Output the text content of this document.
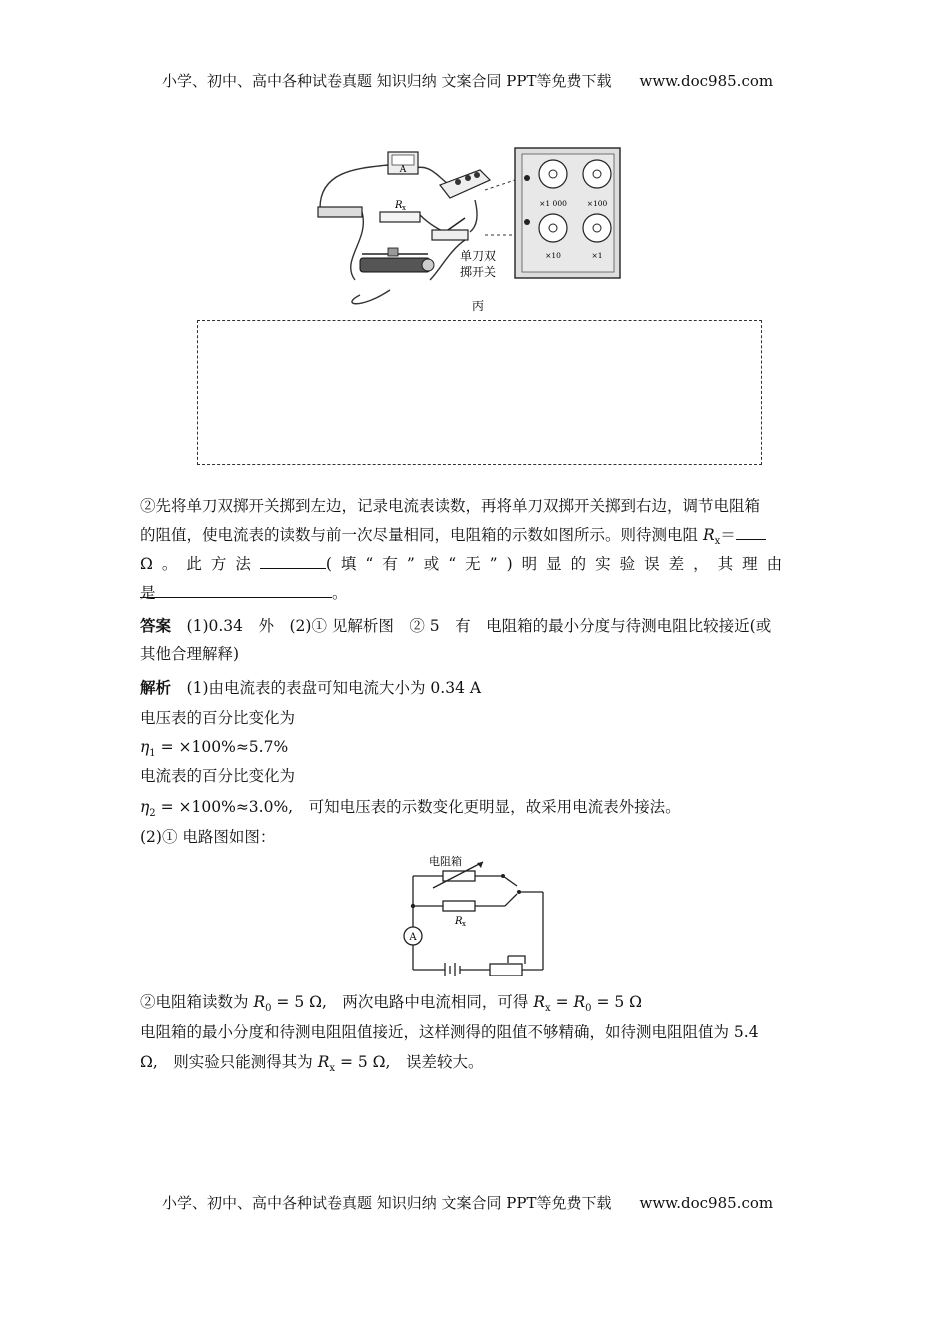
小学、初中、高中各种试卷真题 知识归纳 文案合同 PPT等免费下载 www.doc985.com
A
R x
单刀双
掷开关
×1 000	×100
×10	×1
丙
②先将单刀双掷开关掷到左边，记录电流表读数，再将单刀双掷开关掷到右边，调节电阻箱
的阻值，使电流表的读数与前一次尽量相同，电阻箱的示数如图所示。则待测电阻 $R_x=$
Ω。此方法	(填“有”或“无”)明显的实验误差，其理由是	。
答案　 (1)0.34　外　(2)① 见解析图　② 5　有　电阻箱的最小分度与待测电阻比较接近(或
其他合理解释)
解析　 (1)由电流表的表盘可知电流大小为 0.34 A
电压表的百分比变化为
$\eta_1 = \times 100\%\approx 5.7\%$
电流表的百分比变化为
$\eta_2 = \times 100\%\approx 3.0\%$,　可知电压表的示数变化更明显，故采用电流表外接法。
(2)① 电路图如图：
A
电阻箱
R x
②电阻箱读数为 $R_0 = 5$ Ω,　两次电路中电流相同，可得 $R_x = R_0 = 5$ Ω
电阻箱的最小分度和待测电阻阻值接近，这样测得的阻值不够精确，如待测电阻阻值为 5.4
Ω,　则实验只能测得其为 $R_x = 5$ Ω,　误差较大。
小学、初中、高中各种试卷真题 知识归纳 文案合同 PPT等免费下载 www.doc985.com
